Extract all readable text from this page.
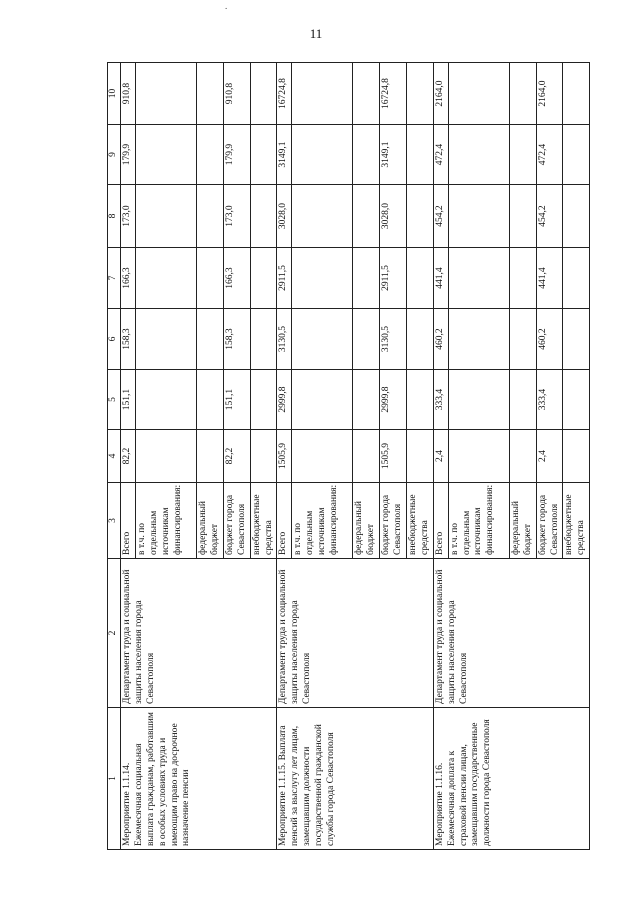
.
11
1	2	3	4	5	6	7	8	9	10
Мероприятие 1.1.14. Ежемесячная социальная выплата гражданам, работавшим в особых условиях труда и имеющим право на досрочное назначение пенсии	Департамент труда и социальной защиты населения города Севастополя	Всего	82,2	151,1	158,3	166,3	173,0	179,9	910,8
		в т.ч. по отдельным источникам финансирования:							
		федеральный бюджет							
		бюджет города Севастополя	82,2	151,1	158,3	166,3	173,0	179,9	910,8
		внебюджетные средства							
Мероприятие 1.1.15. Выплата пенсий за выслугу лет лицам, замещавшим должности государственной гражданской службы города Севастополя	Департамент труда и социальной защиты населения города Севастополя	Всего	1505,9	2999,8	3130,5	2911,5	3028,0	3149,1	16724,8
		в т.ч. по отдельным источникам финансирования:							
		федеральный бюджет							
		бюджет города Севастополя	1505,9	2999,8	3130,5	2911,5	3028,0	3149,1	16724,8
		внебюджетные средства							
Мероприятие 1.1.16. Ежемесячная доплата к страховой пенсии лицам, замещавшим государственные должности города Севастополя	Департамент труда и социальной защиты населения города Севастополя	Всего	2,4	333,4	460,2	441,4	454,2	472,4	2164,0
		в т.ч. по отдельным источникам финансирования:							
		федеральный бюджет							
		бюджет города Севастополя	2,4	333,4	460,2	441,4	454,2	472,4	2164,0
		внебюджетные средства							
